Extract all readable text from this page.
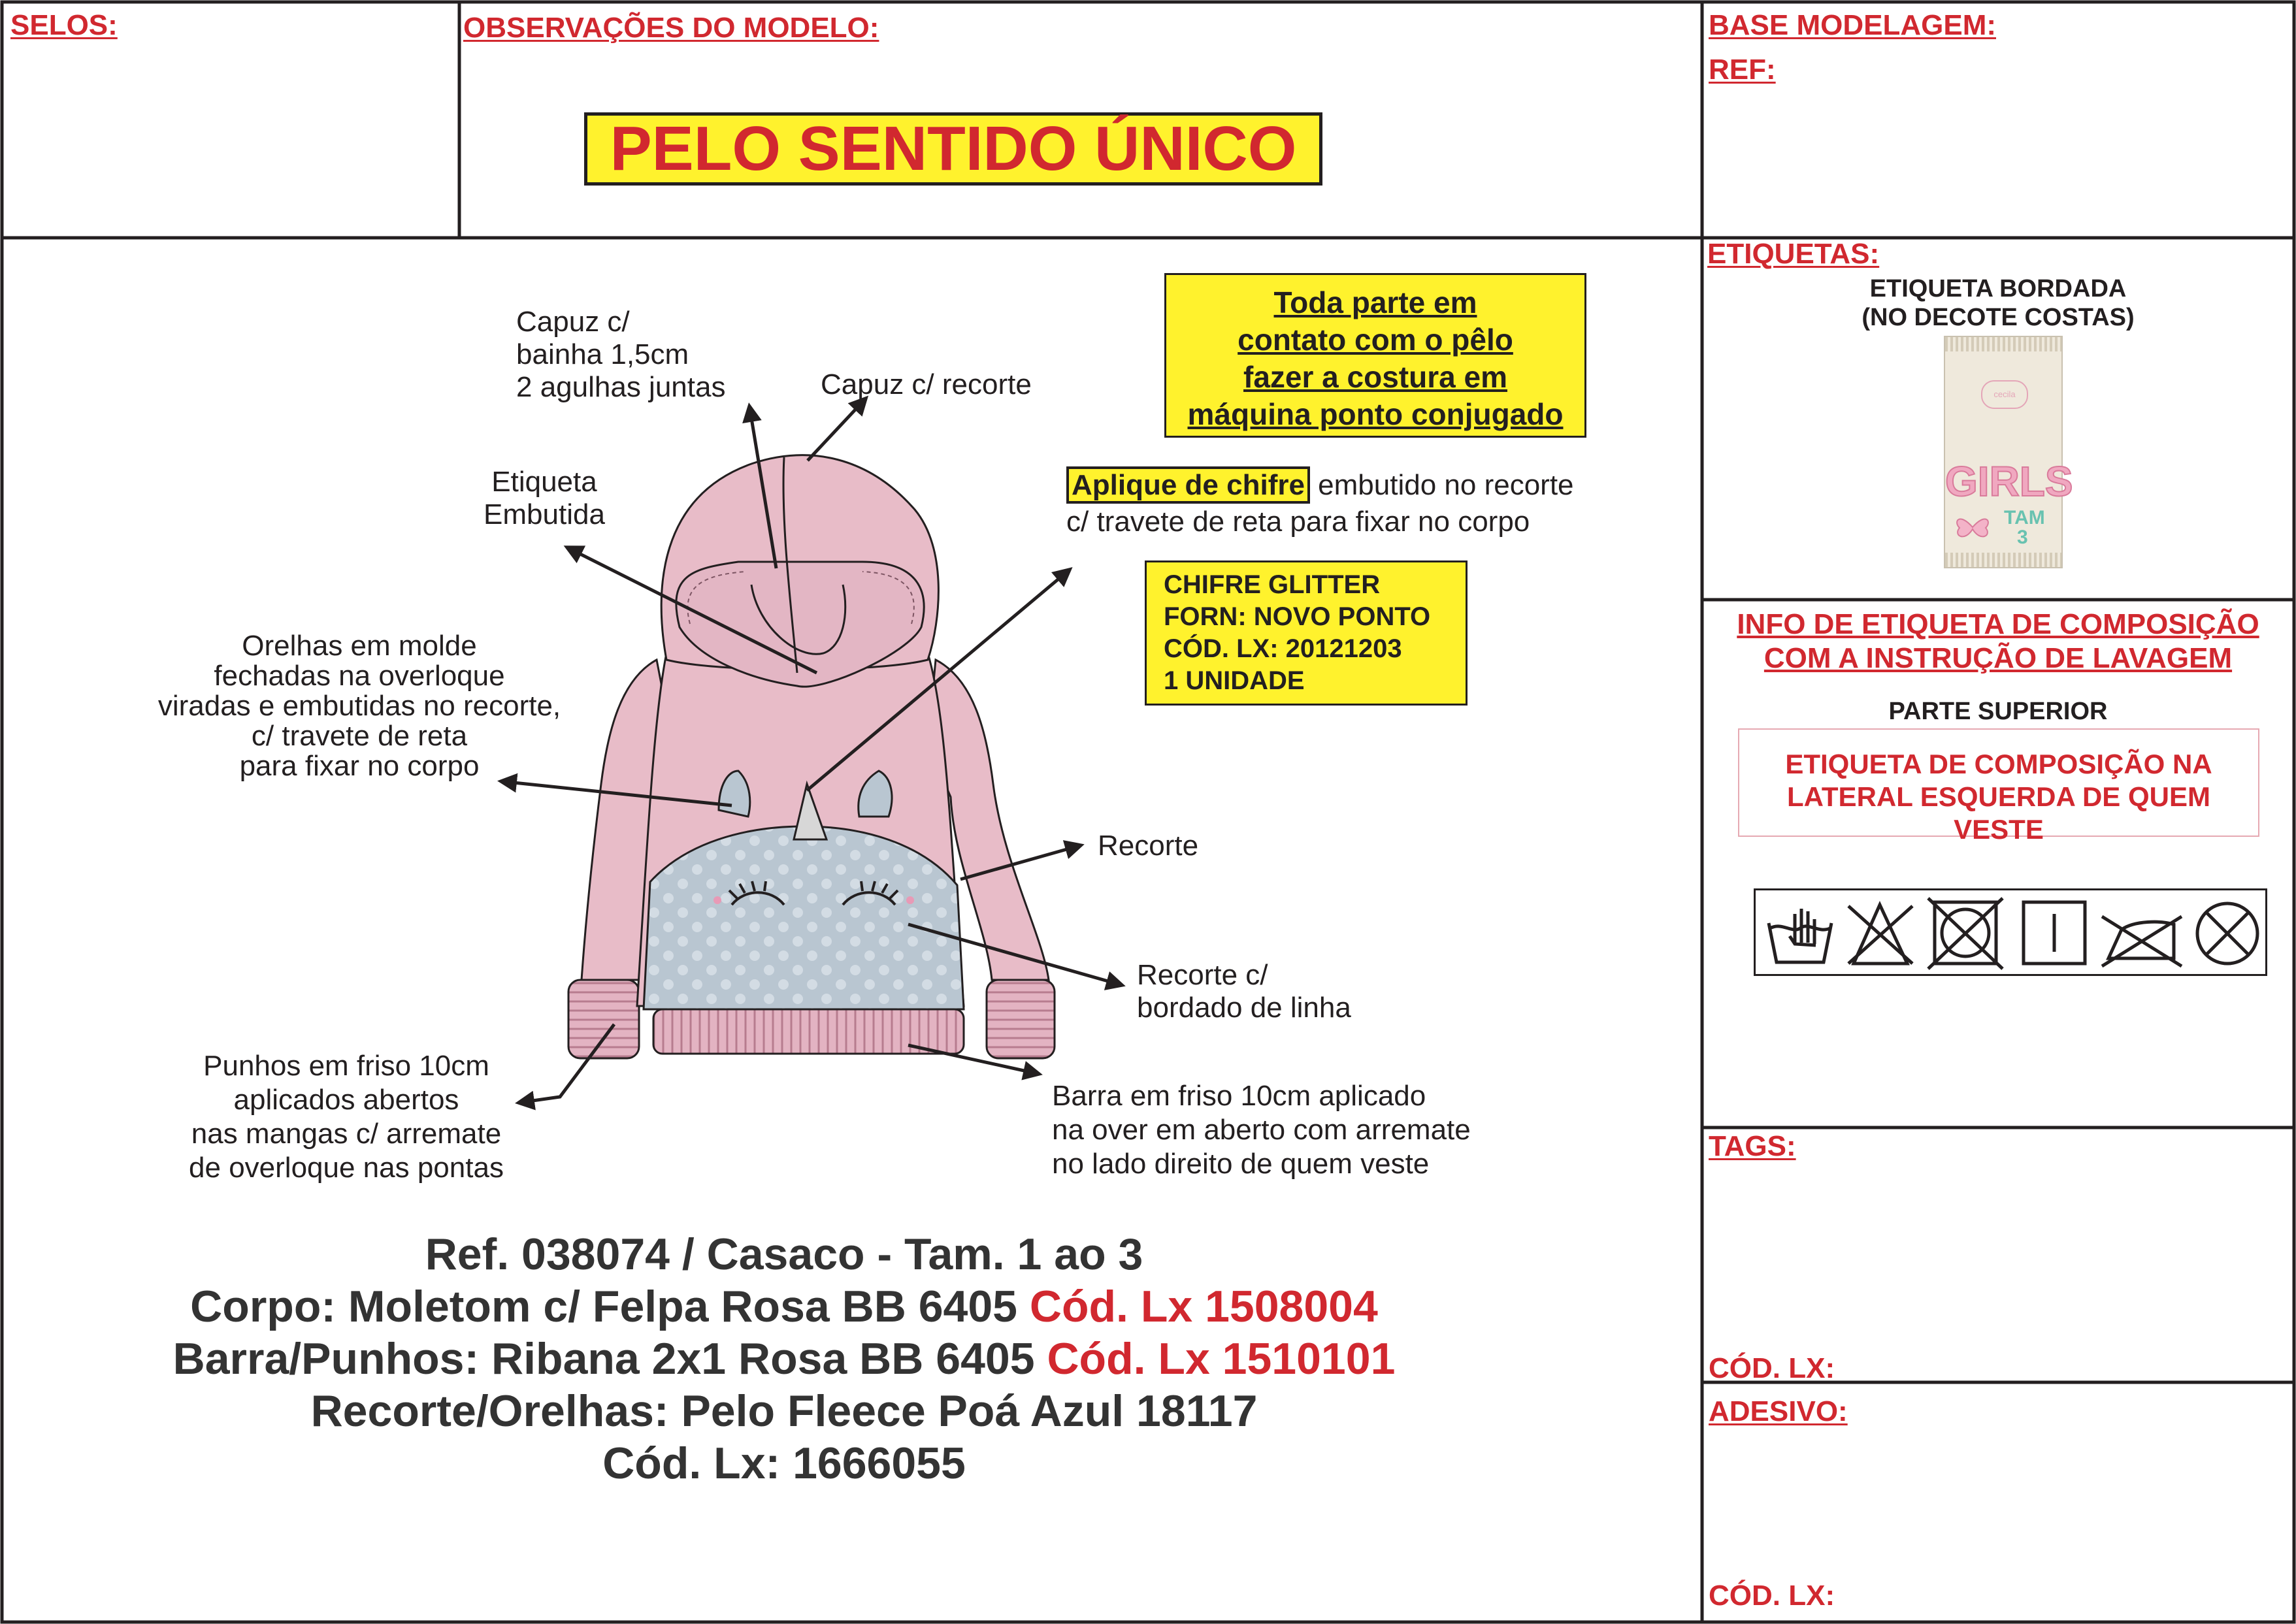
SELOS:	OBSERVAÇÕES DO MODELO:
PELO SENTIDO ÚNICO
BASE MODELAGEM:
REF:
Capuz c/
bainha 1,5cm
2 agulhas juntas	Capuz c/ recorte
Etiqueta
Embutida
Orelhas em molde
fechadas na overloque
viradas e embutidas no recorte,
c/ travete de reta
para fixar no corpo
Recorte
Recorte c/
bordado de linha
Punhos em friso 10cm
aplicados abertos
nas mangas c/ arremate
de overloque nas pontas
Barra em friso 10cm aplicado
na over em aberto com arremate
no lado direito de quem veste
Aplique de chifre embutido no recorte
c/ travete de reta para fixar no corpo
Toda parte em
contato com o pêlo
fazer a costura em
máquina ponto conjugado
CHIFRE GLITTER
FORN: NOVO PONTO
CÓD. LX: 20121203
1 UNIDADE
Ref. 038074 / Casaco - Tam. 1 ao 3
Corpo: Moletom c/ Felpa Rosa BB 6405 Cód. Lx 1508004
Barra/Punhos: Ribana 2x1 Rosa BB 6405 Cód. Lx 1510101
Recorte/Orelhas: Pelo Fleece Poá Azul 18117
Cód. Lx: 1666055
ETIQUETAS:
ETIQUETA BORDADA
(NO DECOTE COSTAS)
cecila
GIRLS
TAM
3
INFO DE ETIQUETA DE COMPOSIÇÃO
COM A INSTRUÇÃO DE LAVAGEM
PARTE SUPERIOR
ETIQUETA DE COMPOSIÇÃO NA
LATERAL ESQUERDA DE QUEM VESTE
TAGS:
CÓD. LX:
ADESIVO:
CÓD. LX:
